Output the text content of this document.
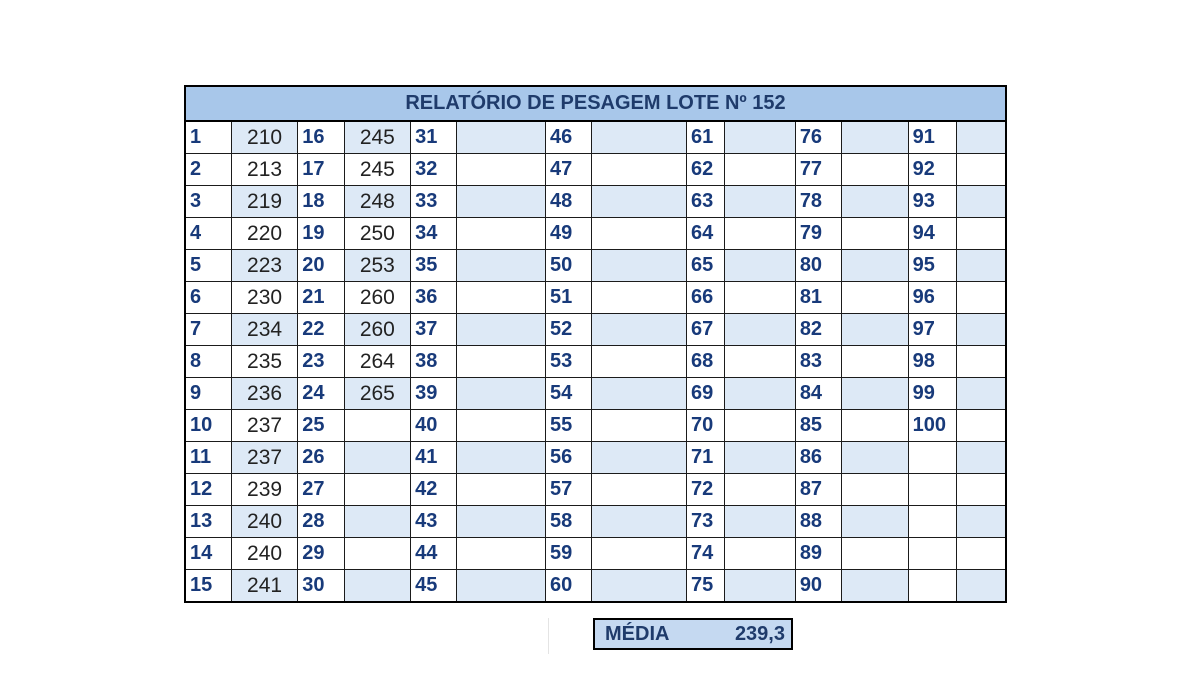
RELATÓRIO DE PESAGEM LOTE Nº 152													
1	210	16	245	31		46		61		76		91	
2	213	17	245	32		47		62		77		92	
3	219	18	248	33		48		63		78		93	
4	220	19	250	34		49		64		79		94	
5	223	20	253	35		50		65		80		95	
6	230	21	260	36		51		66		81		96	
7	234	22	260	37		52		67		82		97	
8	235	23	264	38		53		68		83		98	
9	236	24	265	39		54		69		84		99	
10	237	25		40		55		70		85		100	
11	237	26		41		56		71		86			
12	239	27		42		57		72		87			
13	240	28		43		58		73		88			
14	240	29		44		59		74		89			
15	241	30		45		60		75		90			
MÉDIA	239,3
